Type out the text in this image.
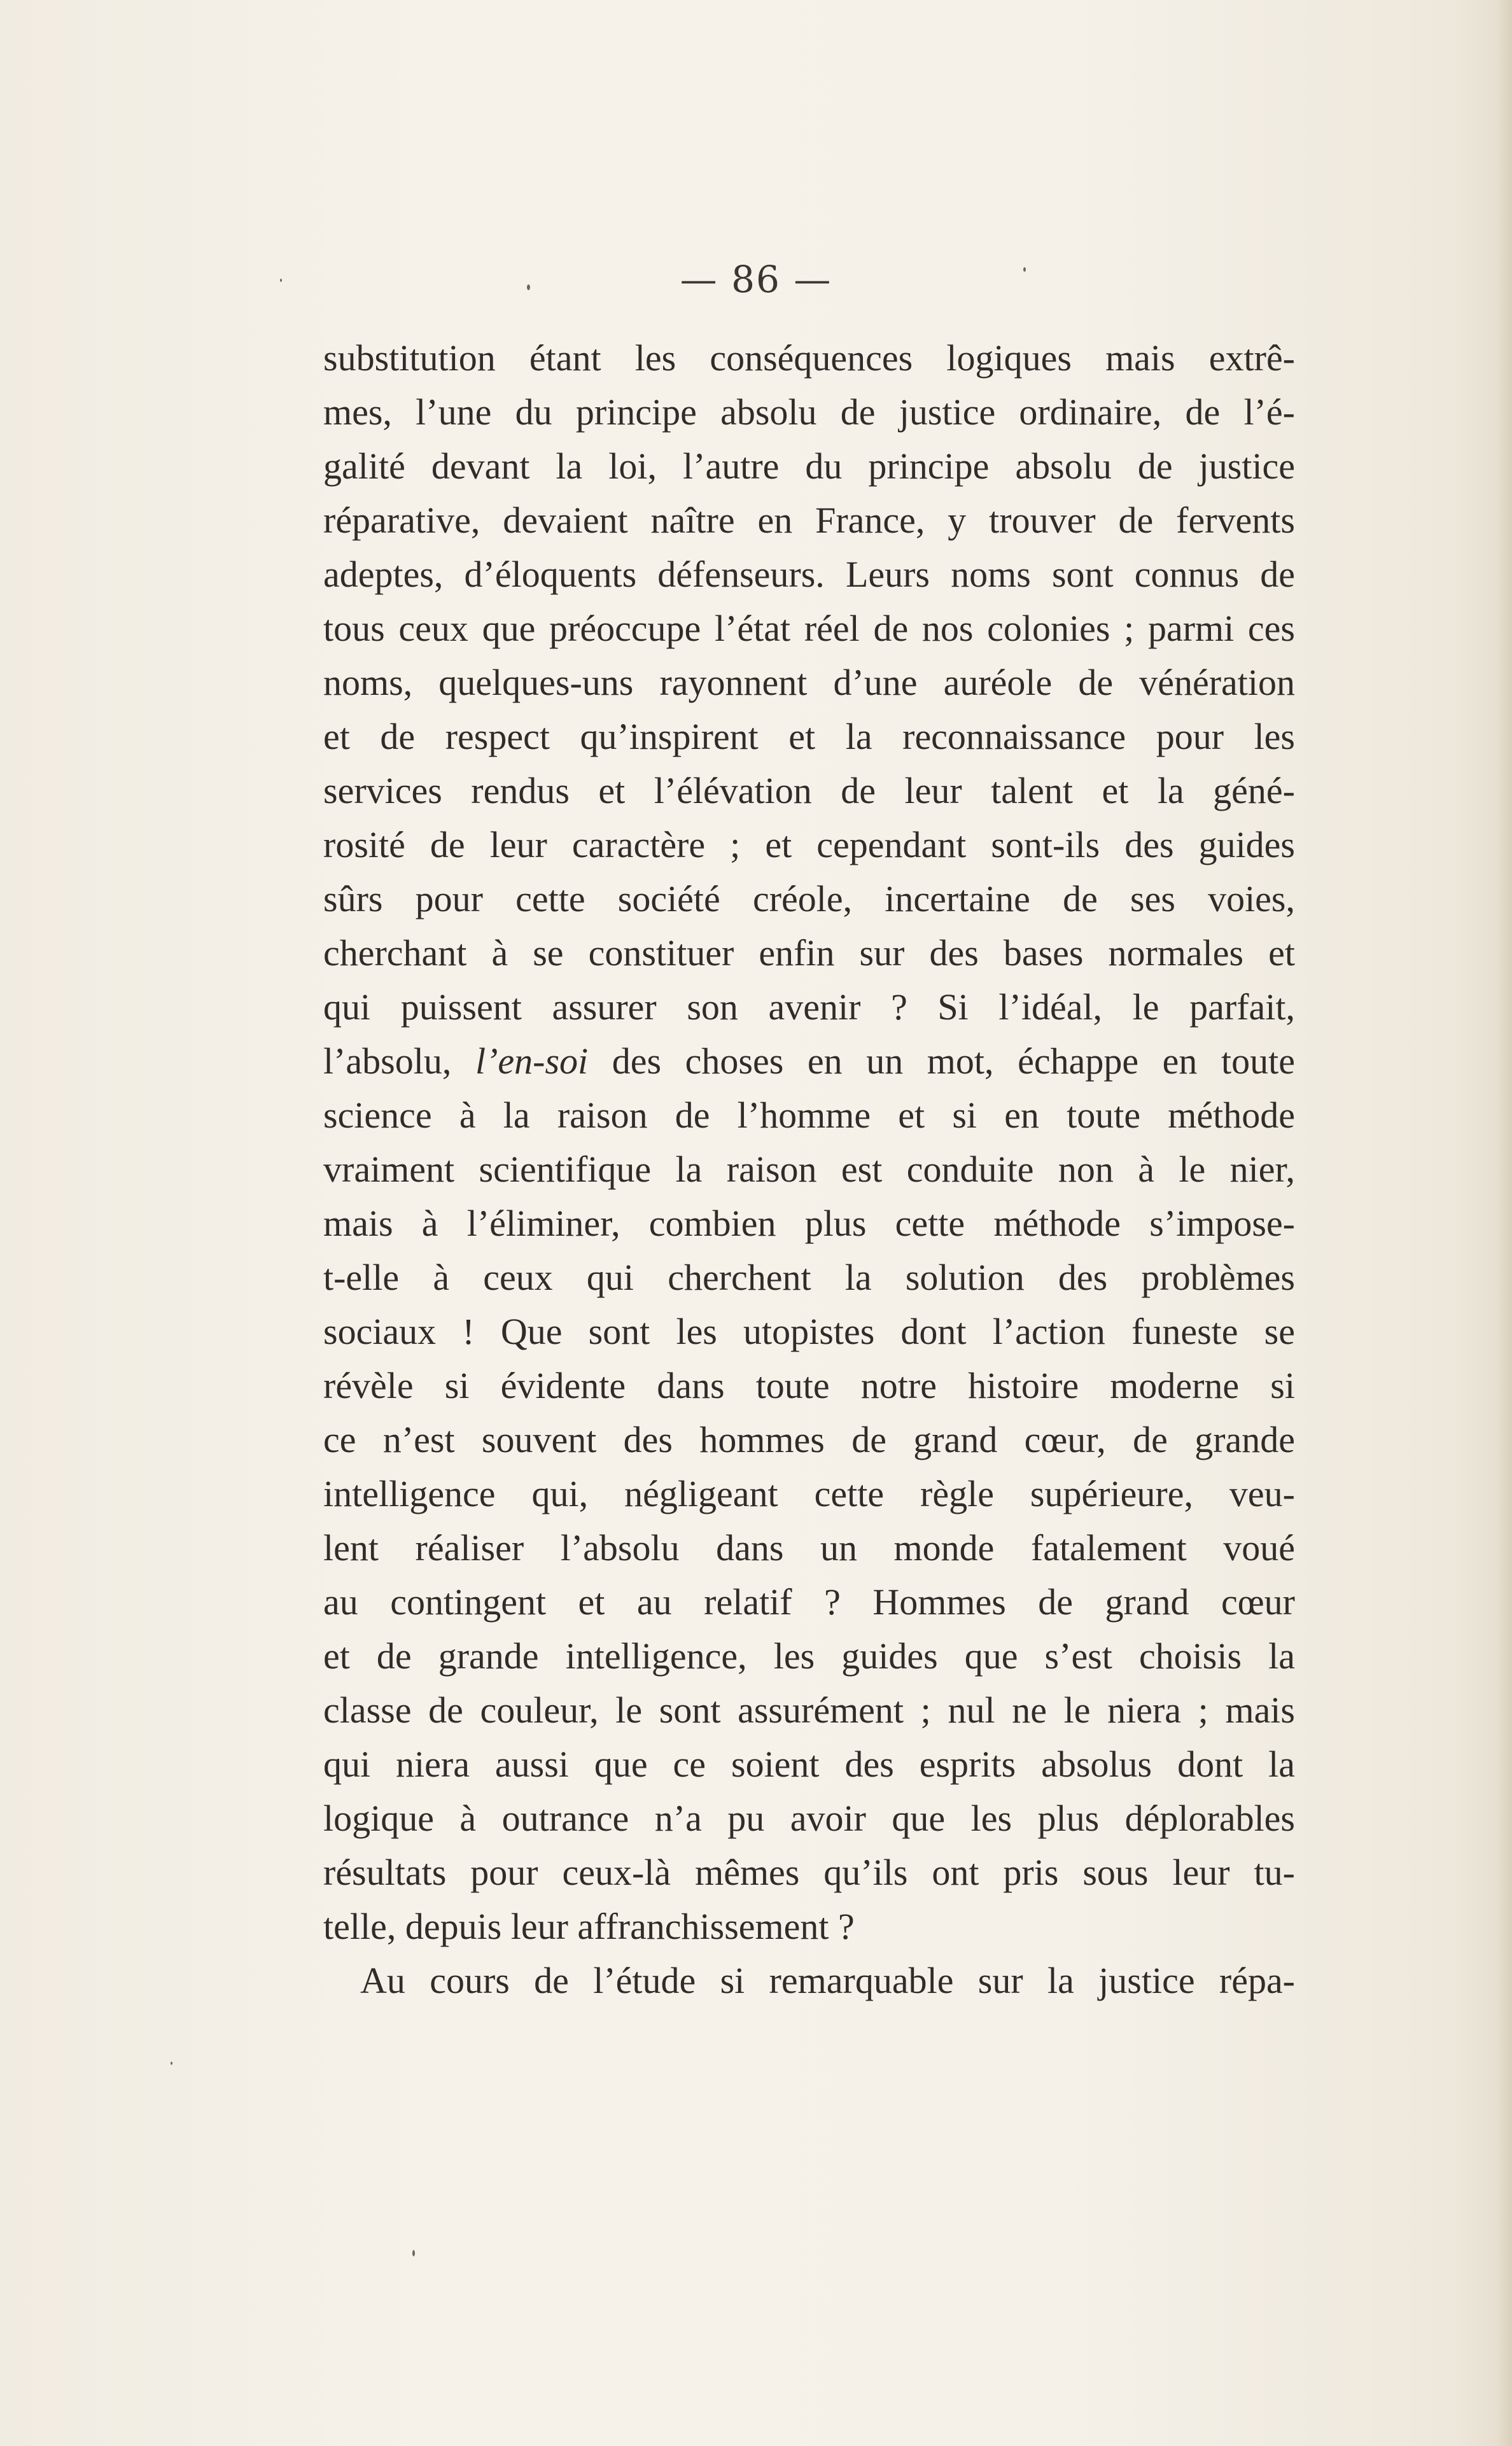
— 86 —
substitution étant les conséquences logiques mais extrê-
mes, l’une du principe absolu de justice ordinaire, de l’é-
galité devant la loi, l’autre du principe absolu de justice
réparative, devaient naître en France, y trouver de fervents
adeptes, d’éloquents défenseurs. Leurs noms sont connus de
tous ceux que préoccupe l’état réel de nos colonies ; parmi ces
noms, quelques-uns rayonnent d’une auréole de vénération
et de respect qu’inspirent et la reconnaissance pour les
services rendus et l’élévation de leur talent et la géné-
rosité de leur caractère ; et cependant sont-ils des guides
sûrs pour cette société créole, incertaine de ses voies,
cherchant à se constituer enfin sur des bases normales et
qui puissent assurer son avenir ? Si l’idéal, le parfait,
l’absolu, l’en-soi des choses en un mot, échappe en toute
science à la raison de l’homme et si en toute méthode
vraiment scientifique la raison est conduite non à le nier,
mais à l’éliminer, combien plus cette méthode s’impose-
t-elle à ceux qui cherchent la solution des problèmes
sociaux ! Que sont les utopistes dont l’action funeste se
révèle si évidente dans toute notre histoire moderne si
ce n’est souvent des hommes de grand cœur, de grande
intelligence qui, négligeant cette règle supérieure, veu-
lent réaliser l’absolu dans un monde fatalement voué
au contingent et au relatif ? Hommes de grand cœur
et de grande intelligence, les guides que s’est choisis la
classe de couleur, le sont assurément ; nul ne le niera ; mais
qui niera aussi que ce soient des esprits absolus dont la
logique à outrance n’a pu avoir que les plus déplorables
résultats pour ceux-là mêmes qu’ils ont pris sous leur tu-
telle, depuis leur affranchissement ?
Au cours de l’étude si remarquable sur la justice répa-
